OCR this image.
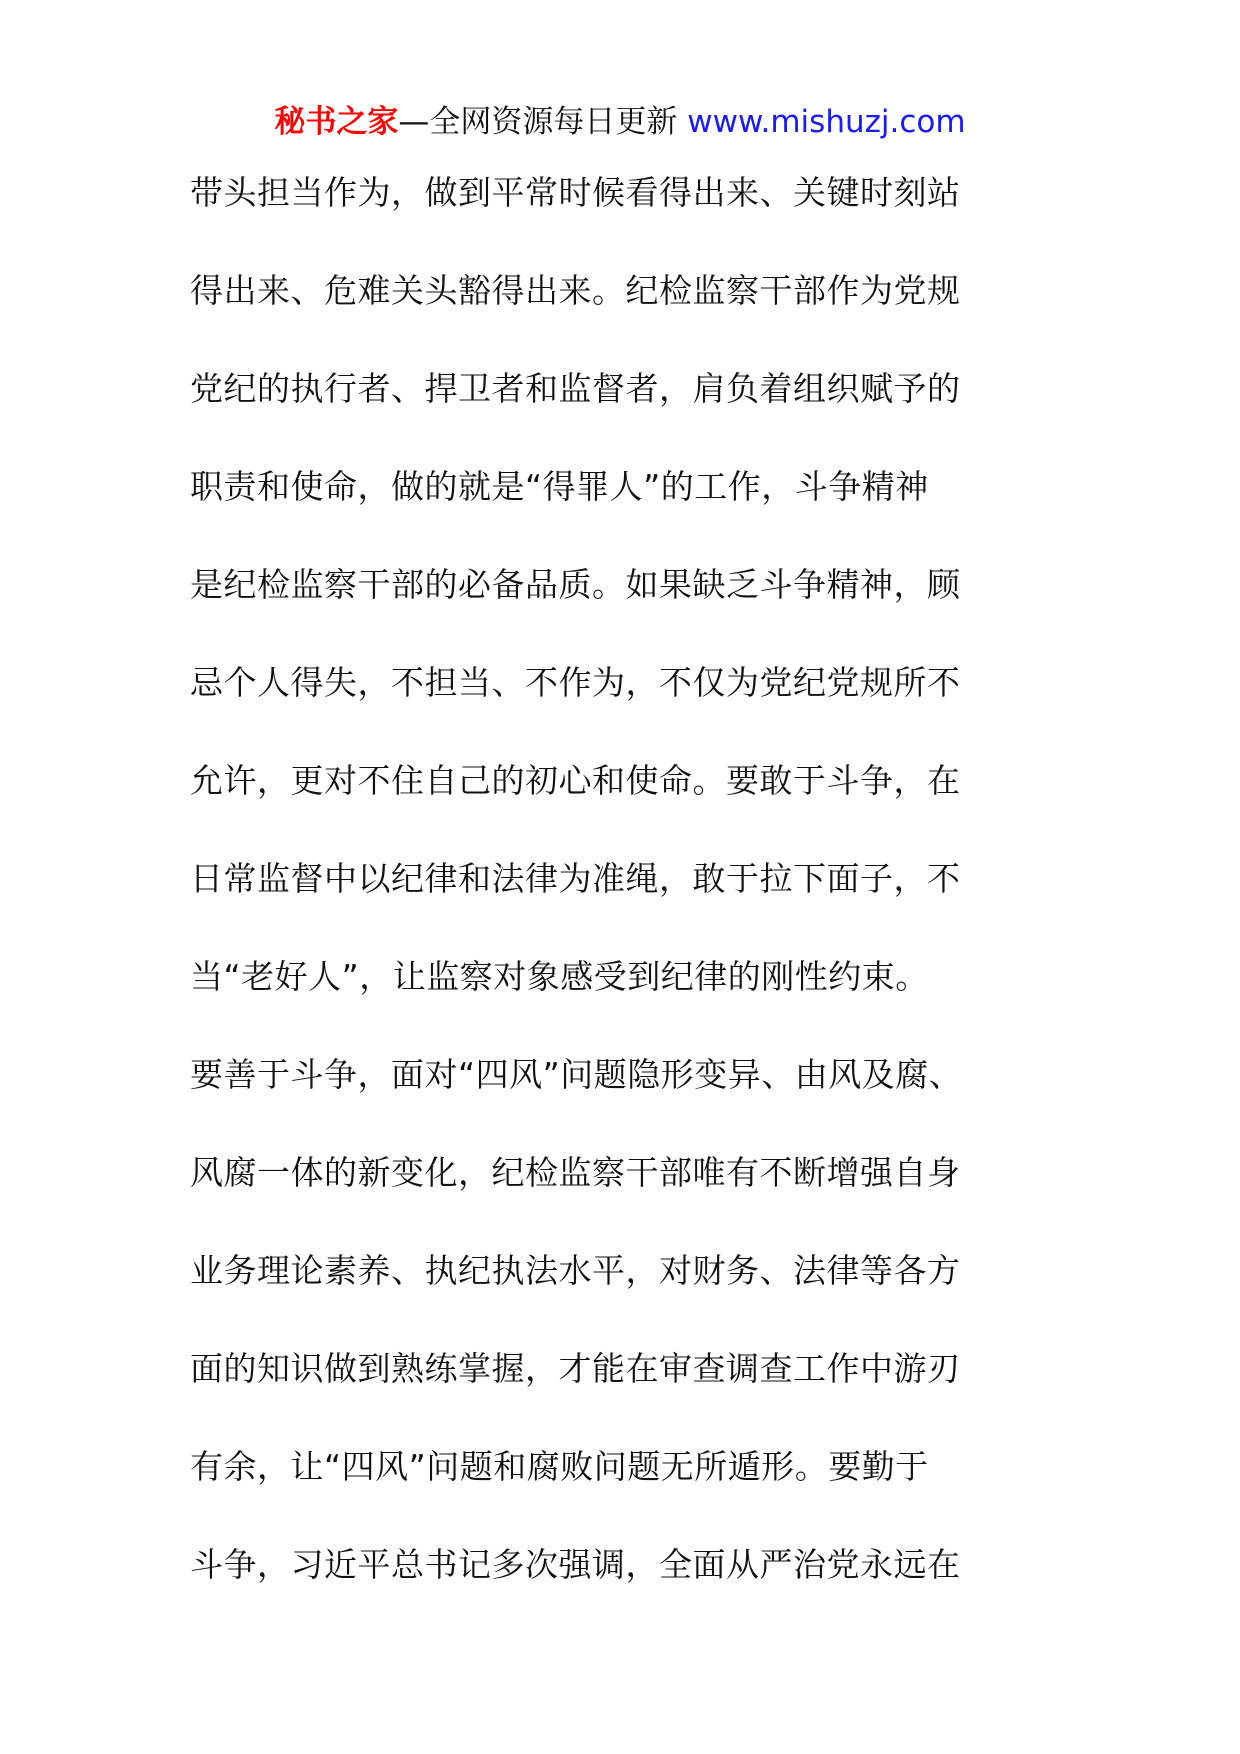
秘书之家—全网资源每日更新 www.mishuzj.com
带头担当作为，做到平常时候看得出来、关键时刻站
得出来、危难关头豁得出来。纪检监察干部作为党规
党纪的执行者、捍卫者和监督者，肩负着组织赋予的
职责和使命，做的就是“得罪人”的工作，斗争精神
是纪检监察干部的必备品质。如果缺乏斗争精神，顾
忌个人得失，不担当、不作为，不仅为党纪党规所不
允许，更对不住自己的初心和使命。要敢于斗争，在
日常监督中以纪律和法律为准绳，敢于拉下面子，不
当“老好人”，让监察对象感受到纪律的刚性约束。
要善于斗争，面对“四风”问题隐形变异、由风及腐、
风腐一体的新变化，纪检监察干部唯有不断增强自身
业务理论素养、执纪执法水平，对财务、法律等各方
面的知识做到熟练掌握，才能在审查调查工作中游刃
有余，让“四风”问题和腐败问题无所遁形。要勤于
斗争，习近平总书记多次强调，全面从严治党永远在
